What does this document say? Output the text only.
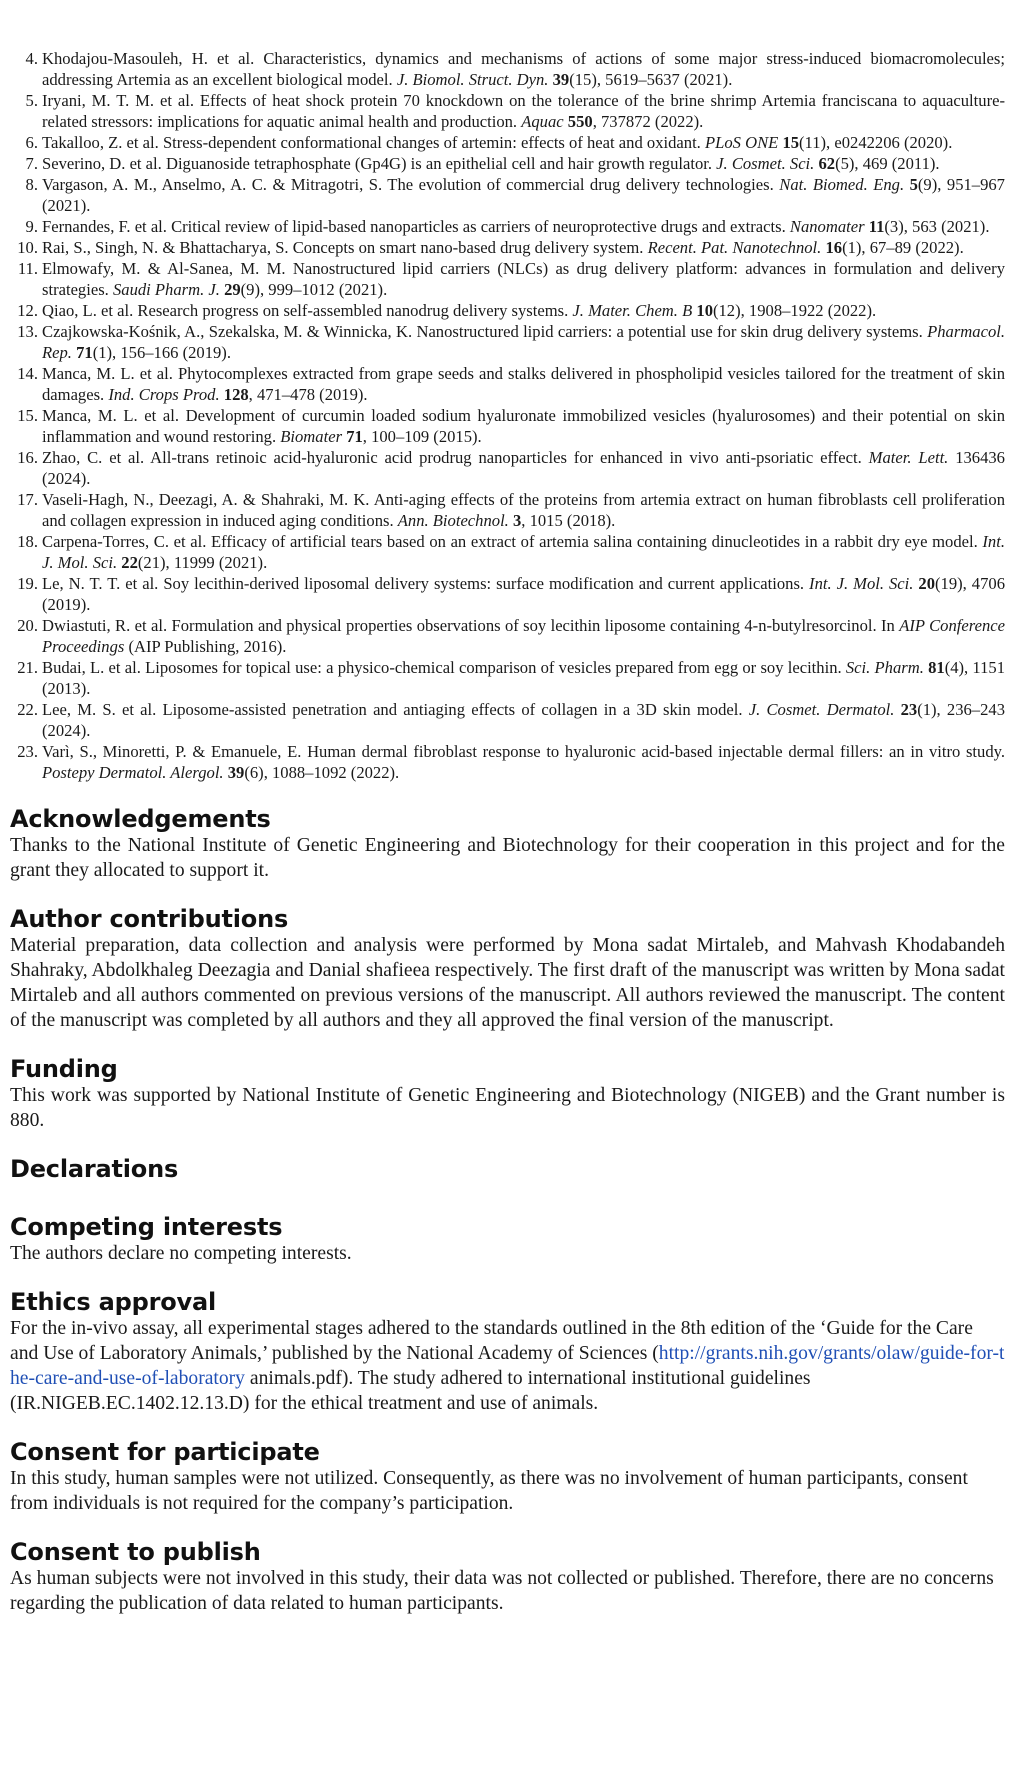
4. Khodajou-Masouleh, H. et al. Characteristics, dynamics and mechanisms of actions of some major stress-induced biomacromolecules; addressing Artemia as an excellent biological model. J. Biomol. Struct. Dyn. 39(15), 5619–5637 (2021).
5. Iryani, M. T. M. et al. Effects of heat shock protein 70 knockdown on the tolerance of the brine shrimp Artemia franciscana to aquaculture-related stressors: implications for aquatic animal health and production. Aquac 550, 737872 (2022).
6. Takalloo, Z. et al. Stress-dependent conformational changes of artemin: effects of heat and oxidant. PLoS ONE 15(11), e0242206 (2020).
7. Severino, D. et al. Diguanoside tetraphosphate (Gp4G) is an epithelial cell and hair growth regulator. J. Cosmet. Sci. 62(5), 469 (2011).
8. Vargason, A. M., Anselmo, A. C. & Mitragotri, S. The evolution of commercial drug delivery technologies. Nat. Biomed. Eng. 5(9), 951–967 (2021).
9. Fernandes, F. et al. Critical review of lipid-based nanoparticles as carriers of neuroprotective drugs and extracts. Nanomater 11(3), 563 (2021).
10. Rai, S., Singh, N. & Bhattacharya, S. Concepts on smart nano-based drug delivery system. Recent. Pat. Nanotechnol. 16(1), 67–89 (2022).
11. Elmowafy, M. & Al-Sanea, M. M. Nanostructured lipid carriers (NLCs) as drug delivery platform: advances in formulation and delivery strategies. Saudi Pharm. J. 29(9), 999–1012 (2021).
12. Qiao, L. et al. Research progress on self-assembled nanodrug delivery systems. J. Mater. Chem. B 10(12), 1908–1922 (2022).
13. Czajkowska-Kośnik, A., Szekalska, M. & Winnicka, K. Nanostructured lipid carriers: a potential use for skin drug delivery systems. Pharmacol. Rep. 71(1), 156–166 (2019).
14. Manca, M. L. et al. Phytocomplexes extracted from grape seeds and stalks delivered in phospholipid vesicles tailored for the treatment of skin damages. Ind. Crops Prod. 128, 471–478 (2019).
15. Manca, M. L. et al. Development of curcumin loaded sodium hyaluronate immobilized vesicles (hyalurosomes) and their potential on skin inflammation and wound restoring. Biomater 71, 100–109 (2015).
16. Zhao, C. et al. All-trans retinoic acid-hyaluronic acid prodrug nanoparticles for enhanced in vivo anti-psoriatic effect. Mater. Lett. 136436 (2024).
17. Vaseli-Hagh, N., Deezagi, A. & Shahraki, M. K. Anti-aging effects of the proteins from artemia extract on human fibroblasts cell proliferation and collagen expression in induced aging conditions. Ann. Biotechnol. 3, 1015 (2018).
18. Carpena-Torres, C. et al. Efficacy of artificial tears based on an extract of artemia salina containing dinucleotides in a rabbit dry eye model. Int. J. Mol. Sci. 22(21), 11999 (2021).
19. Le, N. T. T. et al. Soy lecithin-derived liposomal delivery systems: surface modification and current applications. Int. J. Mol. Sci. 20(19), 4706 (2019).
20. Dwiastuti, R. et al. Formulation and physical properties observations of soy lecithin liposome containing 4-n-butylresorcinol. In AIP Conference Proceedings (AIP Publishing, 2016).
21. Budai, L. et al. Liposomes for topical use: a physico-chemical comparison of vesicles prepared from egg or soy lecithin. Sci. Pharm. 81(4), 1151 (2013).
22. Lee, M. S. et al. Liposome-assisted penetration and antiaging effects of collagen in a 3D skin model. J. Cosmet. Dermatol. 23(1), 236–243 (2024).
23. Varì, S., Minoretti, P. & Emanuele, E. Human dermal fibroblast response to hyaluronic acid-based injectable dermal fillers: an in vitro study. Postepy Dermatol. Alergol. 39(6), 1088–1092 (2022).
Acknowledgements

Thanks to the National Institute of Genetic Engineering and Biotechnology for their cooperation in this project and for the grant they allocated to support it.

Author contributions

Material preparation, data collection and analysis were performed by Mona sadat Mirtaleb, and Mahvash Khodabandeh Shahraky, Abdolkhaleg Deezagia and Danial shafieea respectively. The first draft of the manuscript was written by Mona sadat Mirtaleb and all authors commented on previous versions of the manuscript. All authors reviewed the manuscript. The content of the manuscript was completed by all authors and they all approved the final version of the manuscript.

Funding

This work was supported by National Institute of Genetic Engineering and Biotechnology (NIGEB) and the Grant number is 880.

Declarations
Competing interests

The authors declare no competing interests.

Ethics approval

For the in-vivo assay, all experimental stages adhered to the standards outlined in the 8th edition of the ‘Guide for the Care and Use of Laboratory Animals,’ published by the National Academy of Sciences (http://grants.nih.gov/grants/olaw/guide-for-the-care-and-use-of-laboratory animals.pdf). The study adhered to international institutional guidelines (IR.NIGEB.EC.1402.12.13.D) for the ethical treatment and use of animals.

Consent for participate

In this study, human samples were not utilized. Consequently, as there was no involvement of human participants, consent from individuals is not required for the company’s participation.

Consent to publish

As human subjects were not involved in this study, their data was not collected or published. Therefore, there are no concerns regarding the publication of data related to human participants.
